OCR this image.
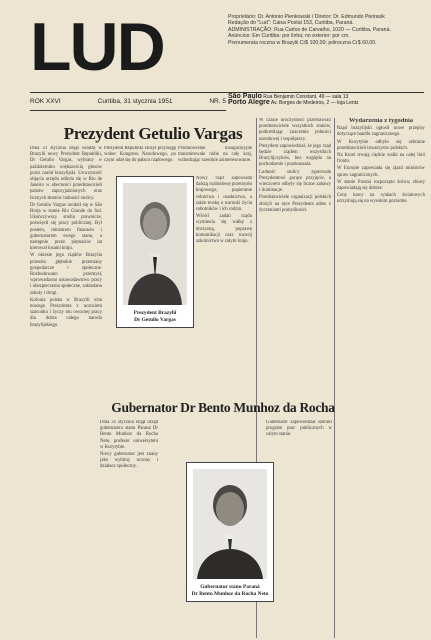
LUD	Proprietário: Dr. Antonio Pienkowski / Diretor: Dr. Edmundo Pietrasik
Redação do "Lud": Caixa Postal 153, Curitiba, Paraná.
ADMINISTRAÇÃO: Rua Carlos de Carvalho, 1020 — Curitiba, Paraná.
Anúncios: Em Curitiba: por linha; no exterior: por cm.
Prenumerata roczna w Brazylii Cr$ 100,00; półroczna Cr$ 60,00.
ROK XXVI	Curitiba, 31 stycznia 1951	NR. 5
São Paulo Rua Benjamin Constant, 49 — sala 13
Porto Alegre Av. Borges de Medeiros, 2 — loja Lentz
Prezydent Getulio Vargas

Dnia 31 stycznia objął władzę w Brazylii nowy Prezydent Republiki, Dr Getulio Vargas, wybrany w październiku większością głosów przez naród brazylijski. Uroczystość objęcia urzędu odbyła się w Rio de Janeiro w obecności przedstawicieli państw zaprzyjaźnionych oraz licznych tłumów ludności stolicy.

Dr Getulio Vargas urodził się w São Borja w stanie Rio Grande do Sul. Ukończywszy studia prawnicze, poświęcił się pracy publicznej. Był posłem, ministrem finansów i gubernatorem swego stanu, a następnie przez piętnaście lat kierował losami kraju.

W okresie jego rządów Brazylia przeszła głębokie przemiany gospodarcze i społeczne. Rozbudowano przemysł, wprowadzono ustawodawstwo pracy i ubezpieczenia społeczne, zakładano szkoły i drogi.

Kolonia polska w Brazylii wita nowego Prezydenta z uczuciem szacunku i życzy mu owocnej pracy dla dobra całego narodu brazylijskiego.

Prezydent Republiki złożył przysięgę wobec Kongresu Narodowego, po czym udał się do pałacu rządowego.

Przemówienie inauguracyjne transmitowało radio na cały kraj, wzbudzając szerokie zainteresowanie.

Prezydent Brazylii
Dr Getulio Vargas

Nowy rząd zapowiada dalszą rozbudowę przemysłu krajowego, popieranie rolnictwa i osadnictwa, a także troskę o warunki życia robotników i ich rodzin.

Wśród zadań rządu wymienia się walkę z drożyzną, poprawę komunikacji oraz rozwój szkolnictwa w całym kraju.

W czasie uroczystości przemawiali przedstawiciele wszystkich stanów, podkreślając znaczenie jedności narodowej i współpracy.

Prezydent zapowiedział, że jego rząd będzie rządem wszystkich Brazylijczyków, bez względu na pochodzenie i przekonania.

Ludność stolicy zgotowała Prezydentowi gorące przyjęcie, a wieczorem odbyły się liczne zabawy i iluminacje.

Przedstawiciele organizacji polskich złożyli na ręce Prezydenta adres z życzeniami pomyślności.

Wydarzenia z tygodnia

Rząd brazylijski ogłosił nowe przepisy dotyczące handlu zagranicznego.

W Kurytybie odbyło się zebranie przedstawicieli towarzystw polskich.

Na Korei trwają ciężkie walki na całej linii frontu.

W Europie zapowiada się zjazd ministrów spraw zagranicznych.

W stanie Paraná rozpoczęto żniwa; zbiory zapowiadają się dobrze.

Ceny kawy na rynkach światowych utrzymują się na wysokim poziomie.

Gubernator Dr Bento Munhoz da Rocha

Dnia 31 stycznia objął urząd gubernatora stanu Paraná Dr Bento Munhoz da Rocha Neto, profesor uniwersytetu w Kurytybie.

Nowy gubernator jest znany jako wybitny uczony i działacz społeczny.

Gubernator zapowiedział szeroki program prac publicznych w całym stanie.

Gubernator stanu Paraná
Dr Bento Munhoz da Rocha Neto
